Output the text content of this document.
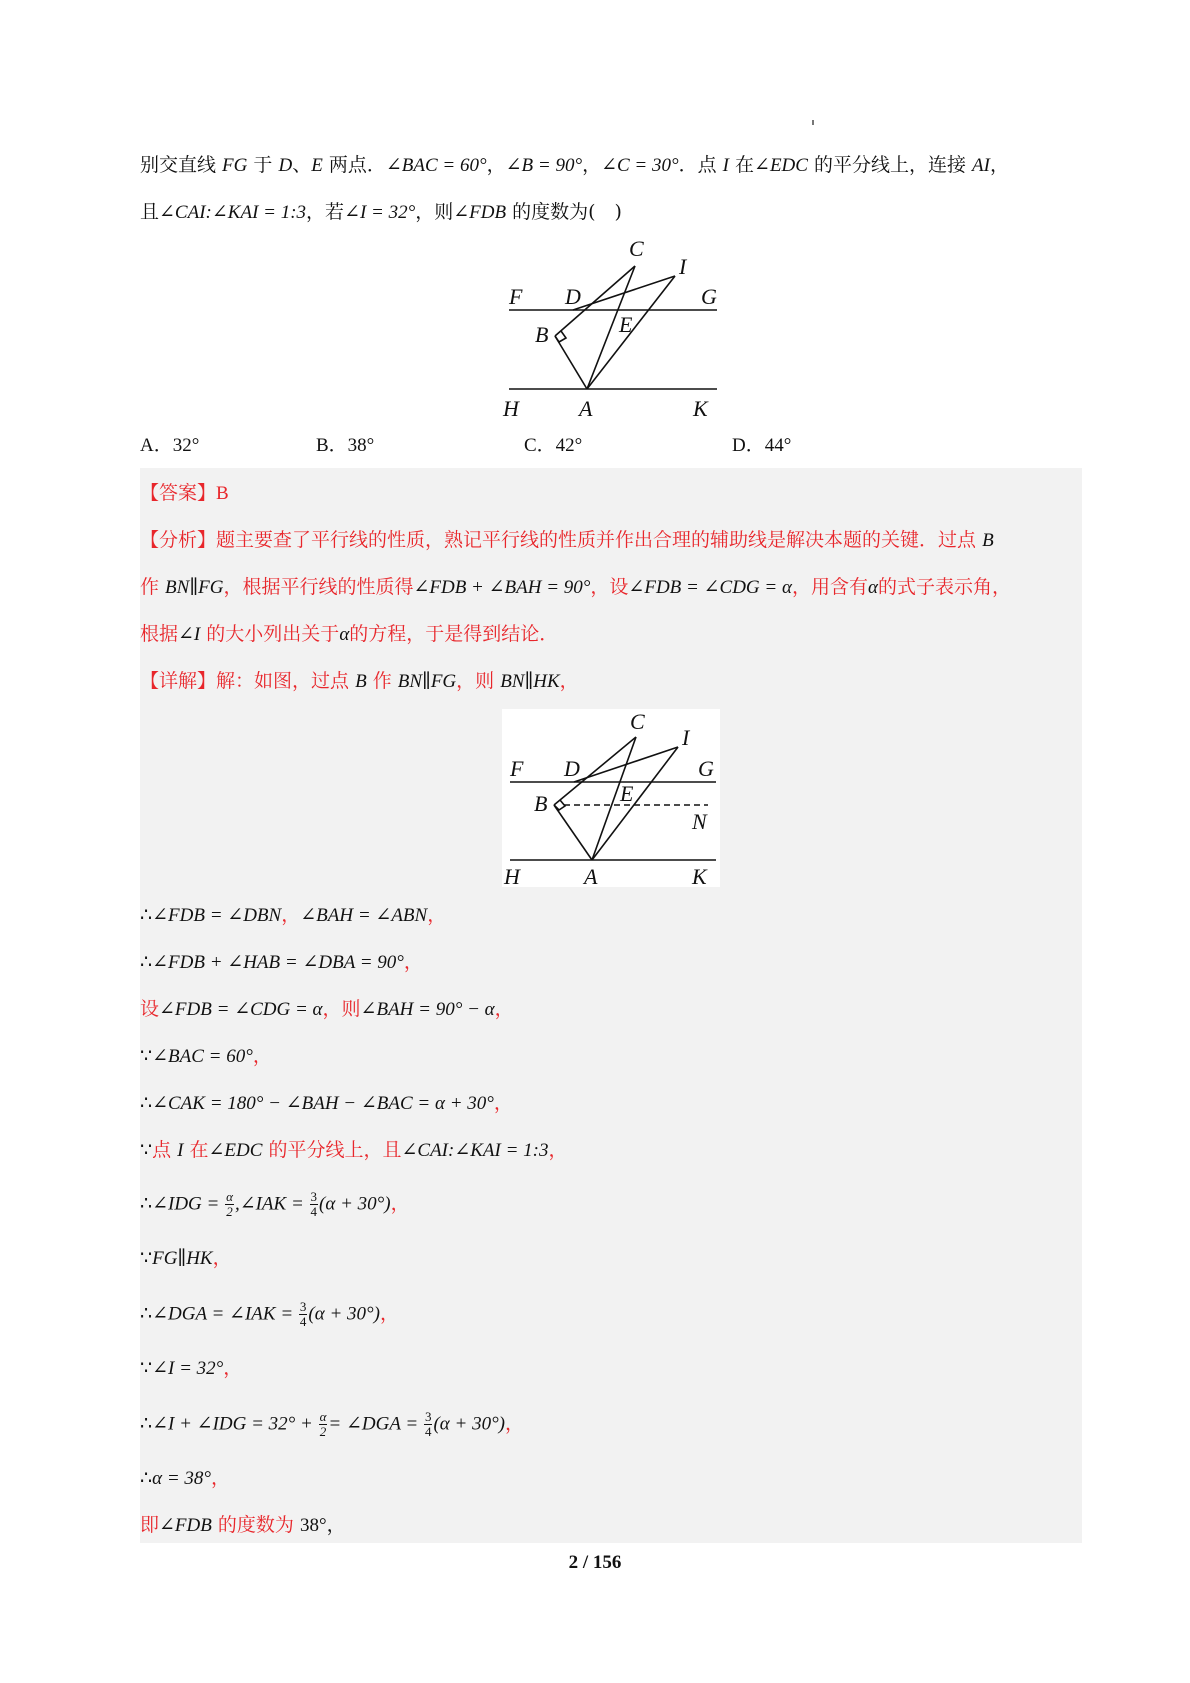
别交直线 FG 于 D、E 两点．∠BAC = 60°，∠B = 90°，∠C = 30°．点 I 在∠EDC 的平分线上，连接 AI，
且∠CAI:∠KAI = 1:3，若∠I = 32°，则∠FDB 的度数为(　)
C
I
F D	G
B	E
H	A	K
A．32°	B．38°	C．42°	D．44°
【答案】B
【分析】题主要查了平行线的性质，熟记平行线的性质并作出合理的辅助线是解决本题的关键．过点 B
作 BN∥FG，根据平行线的性质得∠FDB + ∠BAH = 90°，设∠FDB = ∠CDG = α，用含有α的式子表示角，
根据∠I 的大小列出关于α的方程，于是得到结论．
【详解】解：如图，过点 B 作 BN∥FG，则 BN∥HK，
C
I
F D	G
B	E
N
H	A	K
∴∠FDB = ∠DBN，∠BAH = ∠ABN，
∴∠FDB + ∠HAB = ∠DBA = 90°，
设∠FDB = ∠CDG = α，则∠BAH = 90° − α，
∵∠BAC = 60°，
∴∠CAK = 180° − ∠BAH − ∠BAC = α + 30°，
∵点 I 在∠EDC 的平分线上，且∠CAI:∠KAI = 1:3，
∴∠IDG = $\frac{\alpha}{2}$ ,∠IAK = $\frac{3}{4} (\alpha + 30^\circ)$，
∵FG∥HK，
∴∠DGA = ∠IAK = $\frac{3}{4} (\alpha + 30^\circ)$，
∵∠I = 32°，
∴∠I + ∠IDG = $32^\circ + \frac{\alpha}{2}$ = ∠DGA = $\frac{3}{4} (\alpha + 30^\circ)$，
∴α = 38°，
即∠FDB 的度数为 38°，
2 / 156
